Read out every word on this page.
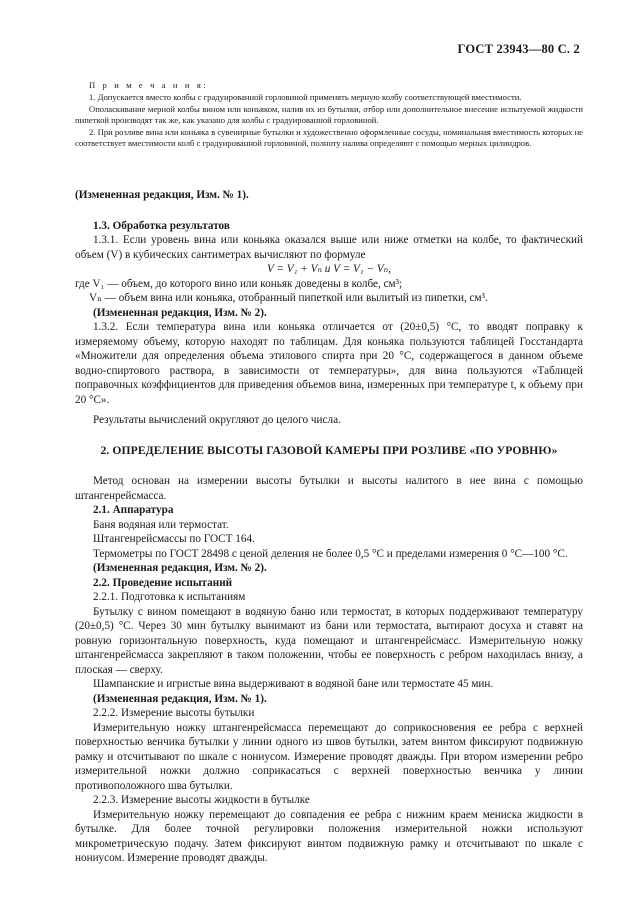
ГОСТ 23943—80 С. 2

П р и м е ч а н и я:

1. Допускается вместо колбы с градуированной горловиной применять мерную колбу соответствующей вместимости.

Ополаскивание мерной колбы вином или коньяком, налив их из бутылки, отбор или дополнительное внесение испытуемой жидкости пипеткой производят так же, как указано для колбы с градуированной горловиной.

2. При розливе вина или коньяка в сувенирные бутылки и художественно оформленные сосуды, номинальная вместимость которых не соответствует вместимости колб с градуированной горловиной, полноту налива определяют с помощью мерных цилиндров.

(Измененная редакция, Изм. № 1).

1.3. Обработка результатов

1.3.1. Если уровень вина или коньяка оказался выше или ниже отметки на колбе, то фактический объем (V) в кубических сантиметрах вычисляют по формуле

V = V₁ + Vₙ и V = V₁ − Vₙ,

где V₁ — объем, до которого вино или коньяк доведены в колбе, см³;

Vₙ — объем вина или коньяка, отобранный пипеткой или вылитый из пипетки, см³.

(Измененная редакция, Изм. № 2).

1.3.2. Если температура вина или коньяка отличается от (20±0,5) °С, то вводят поправку к измеряемому объему, которую находят по таблицам. Для коньяка пользуются таблицей Госстандарта «Множители для определения объема этилового спирта при 20 °С, содержащегося в данном объеме водно-спиртового раствора, в зависимости от температуры», для вина пользуются «Таблицей поправочных коэффициентов для приведения объемов вина, измеренных при температуре t, к объему при 20 °С».

Результаты вычислений округляют до целого числа.

2. ОПРЕДЕЛЕНИЕ ВЫСОТЫ ГАЗОВОЙ КАМЕРЫ ПРИ РОЗЛИВЕ «ПО УРОВНЮ»

Метод основан на измерении высоты бутылки и высоты налитого в нее вина с помощью штангенрейсмасса.

2.1. Аппаратура

Баня водяная или термостат.

Штангенрейсмассы по ГОСТ 164.

Термометры по ГОСТ 28498 с ценой деления не более 0,5 °С и пределами измерения 0 °С—100 °С.

(Измененная редакция, Изм. № 2).

2.2. Проведение испытаний

2.2.1. Подготовка к испытаниям

Бутылку с вином помещают в водяную баню или термостат, в которых поддерживают температуру (20±0,5) °С. Через 30 мин бутылку вынимают из бани или термостата, вытирают досуха и ставят на ровную горизонтальную поверхность, куда помещают и штангенрейсмасс. Измерительную ножку штангенрейсмасса закрепляют в таком положении, чтобы ее поверхность с ребром находилась внизу, а плоская — сверху.

Шампанские и игристые вина выдерживают в водяной бане или термостате 45 мин.

(Измененная редакция, Изм. № 1).

2.2.2. Измерение высоты бутылки

Измерительную ножку штангенрейсмасса перемещают до соприкосновения ее ребра с верхней поверхностью венчика бутылки у линии одного из швов бутылки, затем винтом фиксируют подвижную рамку и отсчитывают по шкале с нониусом. Измерение проводят дважды. При втором измерении ребро измерительной ножки должно соприкасаться с верхней поверхностью венчика у линии противоположного шва бутылки.

2.2.3. Измерение высоты жидкости в бутылке

Измерительную ножку перемещают до совпадения ее ребра с нижним краем мениска жидкости в бутылке. Для более точной регулировки положения измерительной ножки используют микрометрическую подачу. Затем фиксируют винтом подвижную рамку и отсчитывают по шкале с нониусом. Измерение проводят дважды.
